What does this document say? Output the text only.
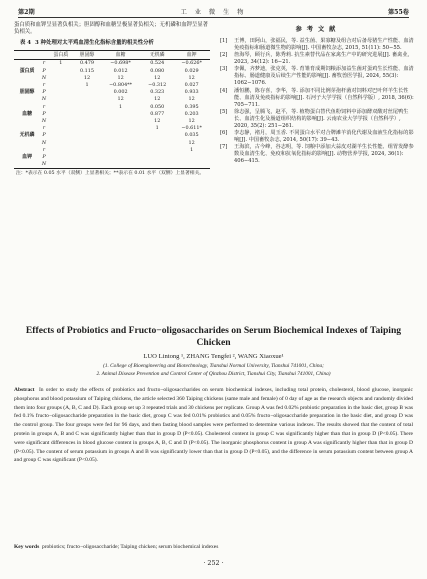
第2期	工 业 微 生 物	第55卷

蛋白质和血钾呈显著负相关；胆固醇和血糖呈极显著负相关；无机磷和血钾呈显著负相关。

表 4 3 种处理对太平鸡血清生化指标含量的相关性分析
		蛋白质	胆固醇	血糖	无机磷	血钾
	r	1	0.479	−0.698*	0.524	−0.626*
蛋白质	P		0.115	0.012	0.080	0.029
	N		12	12	12	12
	r		1	−0.804**	−0.312	0.027
胆固醇	P			0.002	0.323	0.933
	N			12	12	12
	r			1	0.050	0.395
血糖	P				0.877	0.203
	N				12	12
	r				1	−0.611*
无机磷	P					0.035
	N					12
	r					1
血钾	P					
	N					
注：*表示在 0.05 水平（双侧）上显著相关；**表示在 0.01 水平（双侧）上显著相关。
参考文献
[1]	王博，田阿山，张福民，等. 益生菌、果寡糖及组合对后备母猪生产性能、血清免疫指标和肠道微生物的影响[J]. 中国畜牧杂志, 2015, 51(11): 50−55.
[2]	詹海琴，顾行兵，陈秀莉. 抗生素替代品在家禽生产中的研究进展[J]. 畜禽业, 2023, 34(12): 16−21.
[3]	李佩，齐梦迪，张克英，等. 育雏育成期饲粮添加益生菌对蛋鸡生长性能、血清指标、肠道健康及后续生产性能的影响[J]. 畜牧兽医学报, 2024, 55(3): 1062−1076.
[4]	潘恒鹏，陈存喜，李华，等. 添加不同比例芽孢杆菌对饲料对巴叶拜羊生长性能、血清及免疫指标的影响[J]. 石河子大学学报（自然科学版）, 2018, 36(6): 705−711.
[5]	徐志强，呈腾飞，赵平，等. 植物蛋白替代鱼粉饲料中添加酵双酸对丝尾鸭生长、血清生化及肠道组织结构的影响[J]. 云南农业大学学报（自然科学）, 2020, 35(2): 251−261.
[6]	李志静，褚月，周玉香. 不同蛋白水平对合牌滩羊消化代谢及血液生化指标的影响[J]. 中国畜牧杂志, 2014, 50(17): 39−43.
[7]	王海滨，古今峰，谷志明，等. 饲粮中添加大蒜皮对湖羊生长性能、组胃发酵参数及血清生化、免疫和抗氧化指标的影响[J]. 动物营养学报, 2024, 36(1): 406−415.
Effects of Probiotics and Fructo−oligosaccharides on Serum Biochemical Indexes of Taiping Chicken
LUO Lintong ¹, ZHANG Tengfei ², WANG Xiaoxue¹
(1. College of Bioengineering and Biotechnology, Tianshui Normal University, Tianshui 741001, China;
2. Animal Disease Prevention and Control Center of Qinzhou District, Tianshui City, Tianshui 741001, China)
Abstract In order to study the effects of probiotics and fructo−oligosaccharides on serum biochemical indexes, including total protein, cholesterol, blood glucose, inorganic phosphorus and blood potassium of Taiping chickens, the article selected 360 Taiping chickens (same male and female) of 0 day of age as the research objects and randomly divided them into four groups (A, B, C and D). Each group set up 3 repeated trials and 30 chickens per replicate. Group A was fed 0.02% probiotic preparation in the basic diet, group B was fed 0.1% fructo−oligosaccharide preparation in the basic diet, group C was fed 0.01% probiotics and 0.05% fructo−oligosaccharide preparation in the basic diet, and group D was the control group. The four groups were fed for 96 days, and then fasting blood samples were performed to determine various indexes. The results showed that the content of total protein in groups A, B and C was significantly higher than that in group D (P<0.05). Cholesterol content in group C was significantly higher than that in group D (P<0.05). There were significant differences in blood glucose content in groups A, B, C and D (P<0.05). The inorganic phosphorus content in group A was significantly higher than that in group D (P<0.05). The content of serum potassium in groups A and B was significantly lower than that in group D (P<0.05), and the difference in serum potassium content between group A and group C was significant (P<0.05).
Key words probiotics; fructo−oligosaccharide; Taiping chicken; serum biochemical indexes
· 252 ·
